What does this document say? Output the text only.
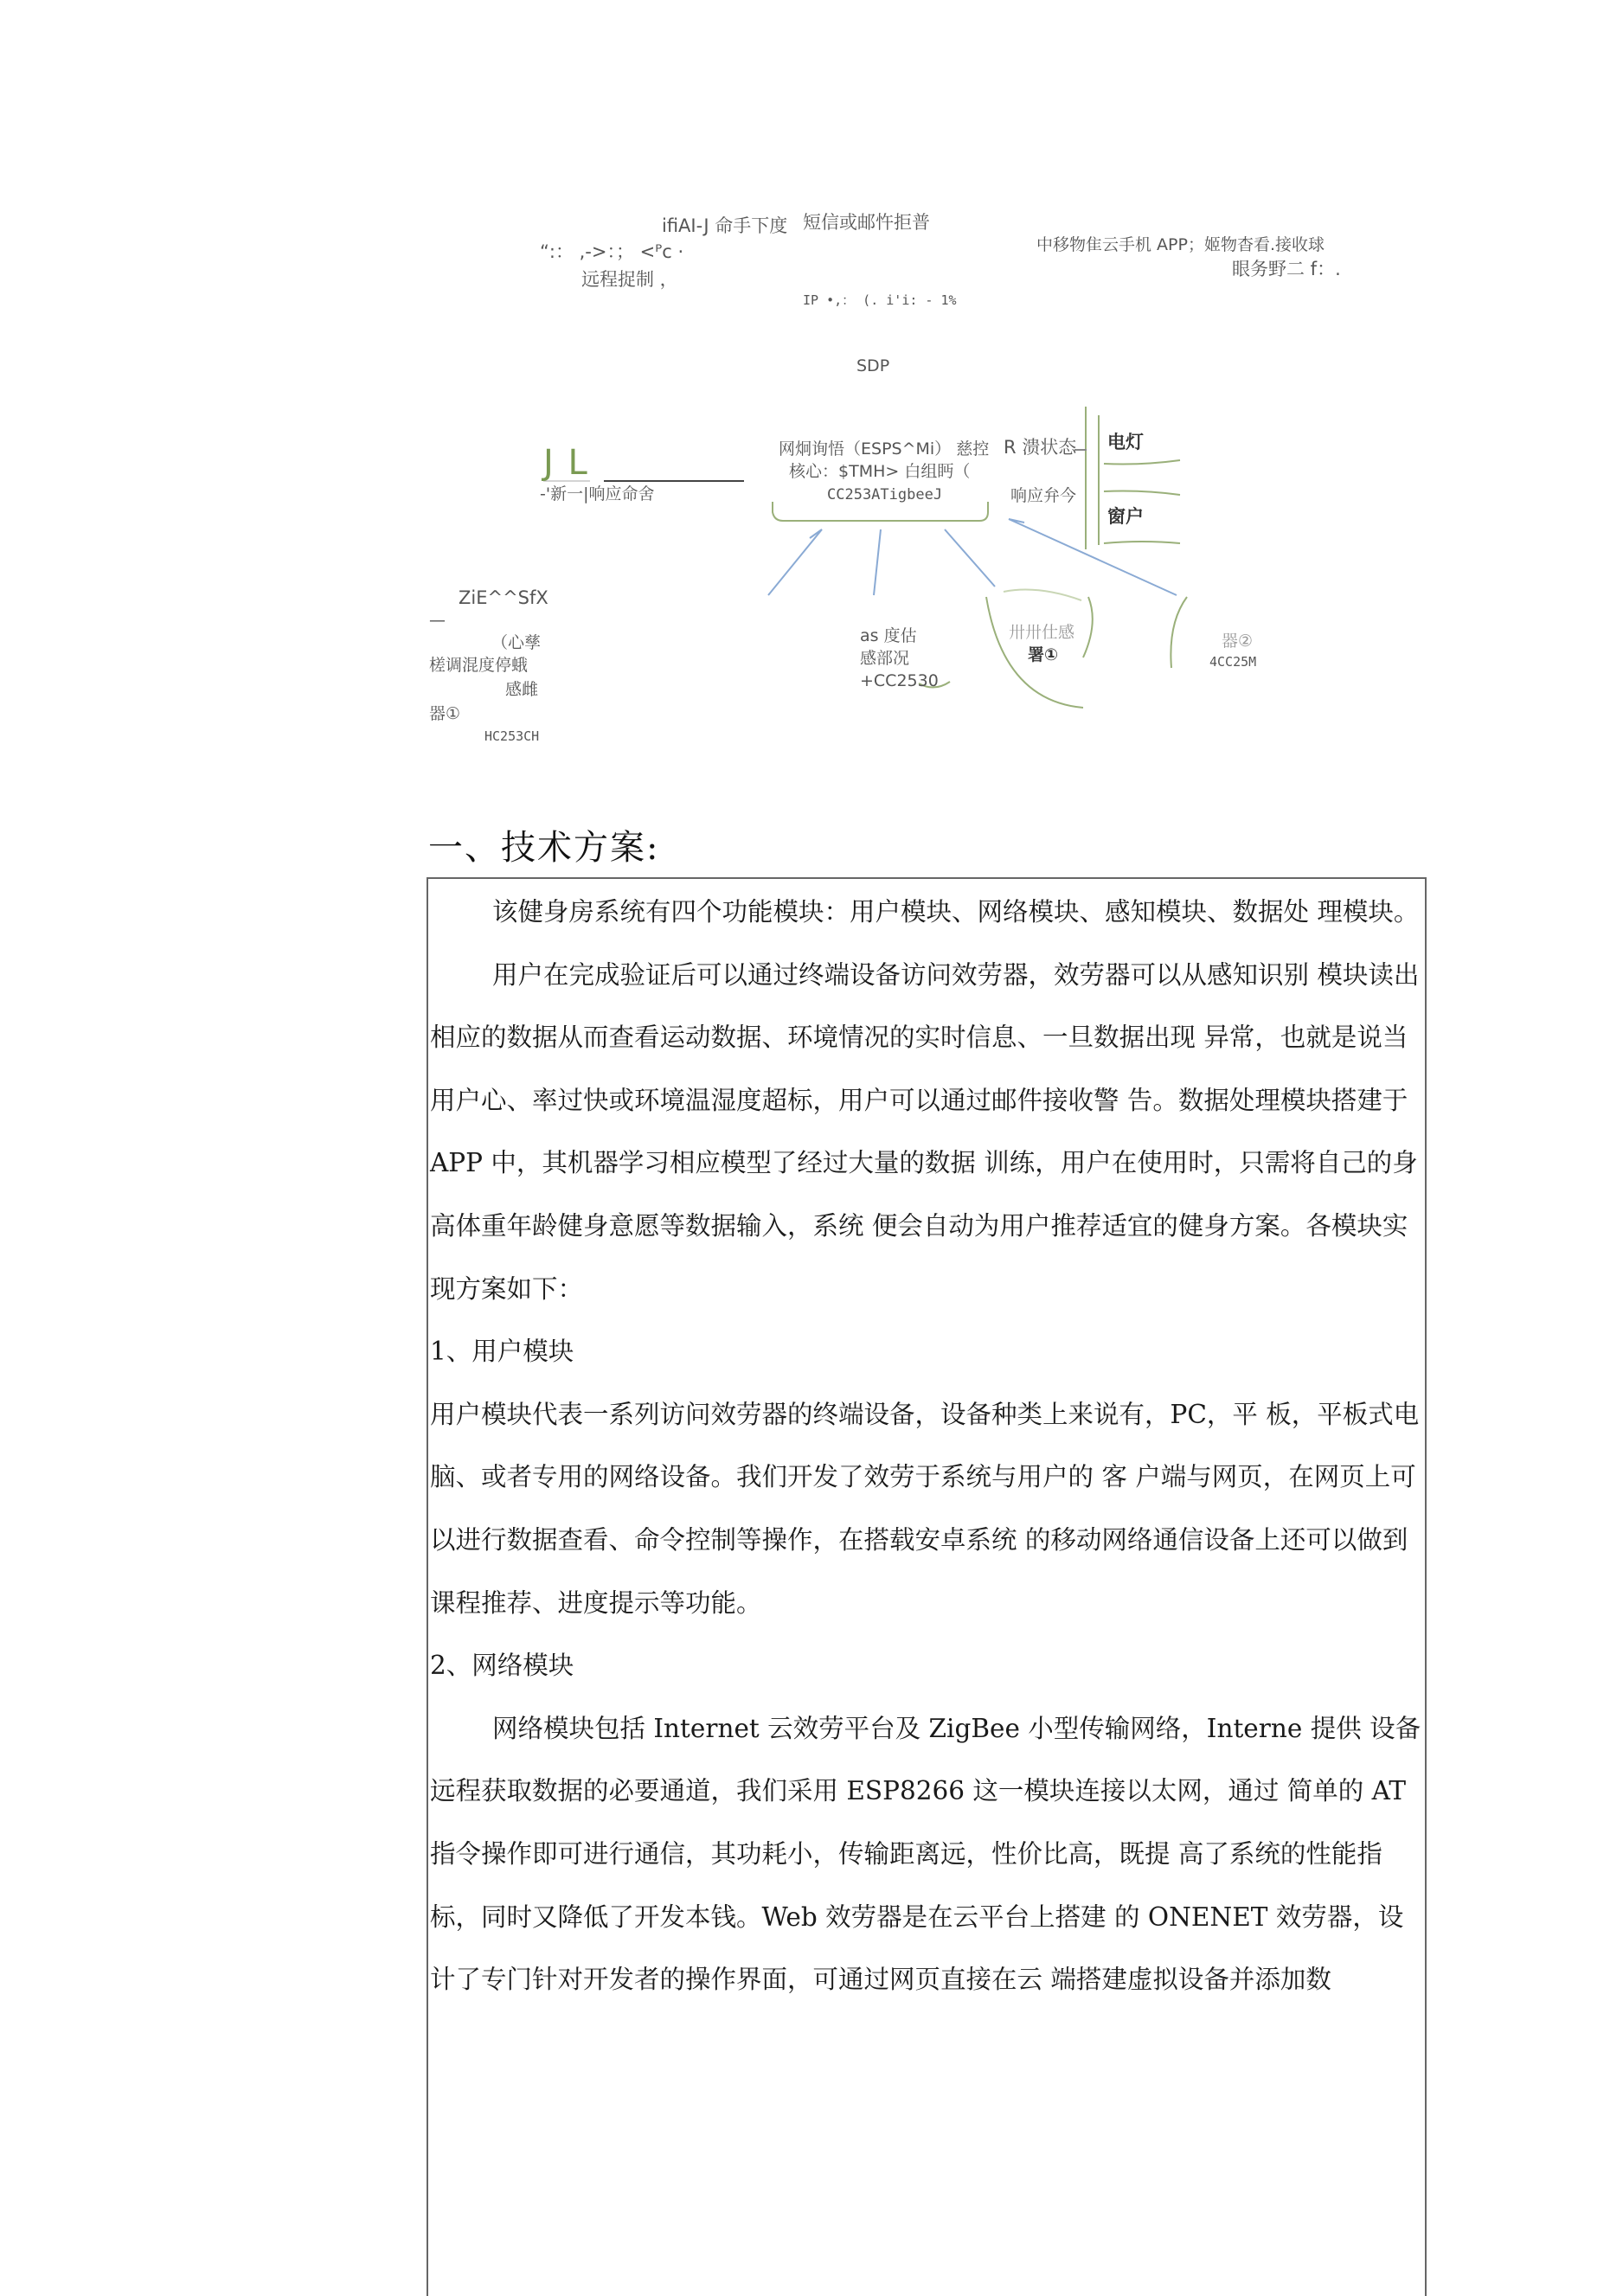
ifiAI-J 命手下度 短信或邮忤拒普
“:： ,->：； <ᴾc ·
远程捉制 ，
IP •,： (. i'i: - 1%
中移物隹云手机 APP；姬物杳看.接收球
眼务野二 f：.
SDP
J L
-'新一|响应命舍
网炯询悟（ESPS^Mi） 慈控
核心：$TMH> 白组眄（
CC253ATigbeeJ
R 溃状态
响应弁今
电灯
窗户
ZiE^^SfX
—
（心孳
槎调混度停蛾
感雌
器①
HC253CH
as 度估
感部况
+CC2530
卅卅仕感
署①
器②
4CC25M
一、技术方案:

该健身房系统有四个功能模块：用户模块、网络模块、感知模块、数据处 理模块。

用户在完成验证后可以通过终端设备访问效劳器，效劳器可以从感知识别 模块读出相应的数据从而查看运动数据、环境情况的实时信息、一旦数据出现 异常，也就是说当用户心、率过快或环境温湿度超标，用户可以通过邮件接收警 告。数据处理模块搭建于 APP 中，其机器学习相应模型了经过大量的数据 训练，用户在使用时，只需将自己的身高体重年龄健身意愿等数据输入，系统 便会自动为用户推荐适宜的健身方案。各模块实现方案如下：

1、用户模块

用户模块代表一系列访问效劳器的终端设备，设备种类上来说有，PC，平 板，平板式电脑、或者专用的网络设备。我们开发了效劳于系统与用户的 客 户端与网页，在网页上可以进行数据查看、命令控制等操作，在搭载安卓系统 的移动网络通信设备上还可以做到课程推荐、进度提示等功能。

2、网络模块

网络模块包括 Internet 云效劳平台及 ZigBee 小型传输网络，Interne 提供 设备远程获取数据的必要通道，我们采用 ESP8266 这一模块连接以太网，通过 简单的 AT 指令操作即可进行通信，其功耗小，传输距离远，性价比高，既提 高了系统的性能指标，同时又降低了开发本钱。Web 效劳器是在云平台上搭建 的 ONENET 效劳器，设计了专门针对开发者的操作界面，可通过网页直接在云 端搭建虚拟设备并添加数
